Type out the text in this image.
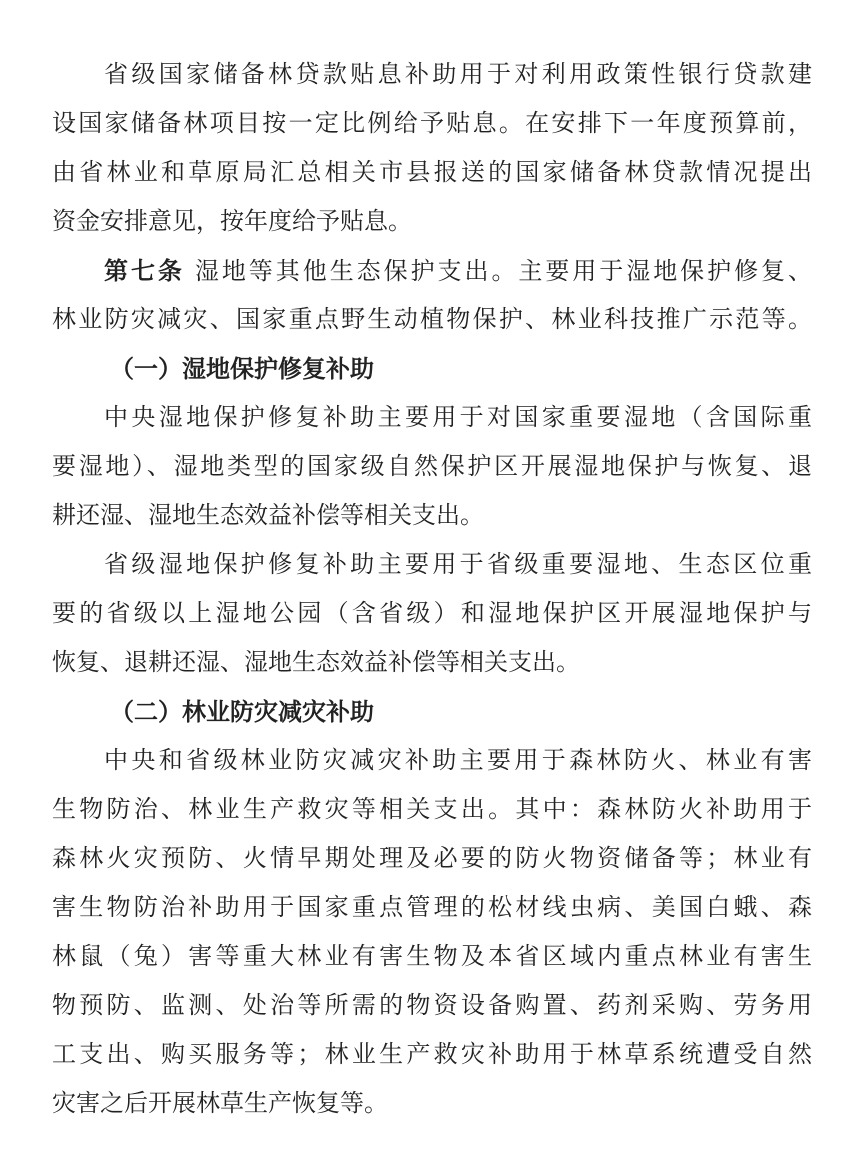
省级国家储备林贷款贴息补助用于对利用政策性银行贷款建
设国家储备林项目按一定比例给予贴息。在安排下一年度预算前，
由省林业和草原局汇总相关市县报送的国家储备林贷款情况提出
资金安排意见，按年度给予贴息。
第七条 湿地等其他生态保护支出。主要用于湿地保护修复、
林业防灾减灾、国家重点野生动植物保护、林业科技推广示范等。
（一）湿地保护修复补助
中央湿地保护修复补助主要用于对国家重要湿地（含国际重
要湿地）、湿地类型的国家级自然保护区开展湿地保护与恢复、退
耕还湿、湿地生态效益补偿等相关支出。
省级湿地保护修复补助主要用于省级重要湿地、生态区位重
要的省级以上湿地公园（含省级）和湿地保护区开展湿地保护与
恢复、退耕还湿、湿地生态效益补偿等相关支出。
（二）林业防灾减灾补助
中央和省级林业防灾减灾补助主要用于森林防火、林业有害
生物防治、林业生产救灾等相关支出。其中：森林防火补助用于
森林火灾预防、火情早期处理及必要的防火物资储备等；林业有
害生物防治补助用于国家重点管理的松材线虫病、美国白蛾、森
林鼠（兔）害等重大林业有害生物及本省区域内重点林业有害生
物预防、监测、处治等所需的物资设备购置、药剂采购、劳务用
工支出、购买服务等；林业生产救灾补助用于林草系统遭受自然
灾害之后开展林草生产恢复等。
